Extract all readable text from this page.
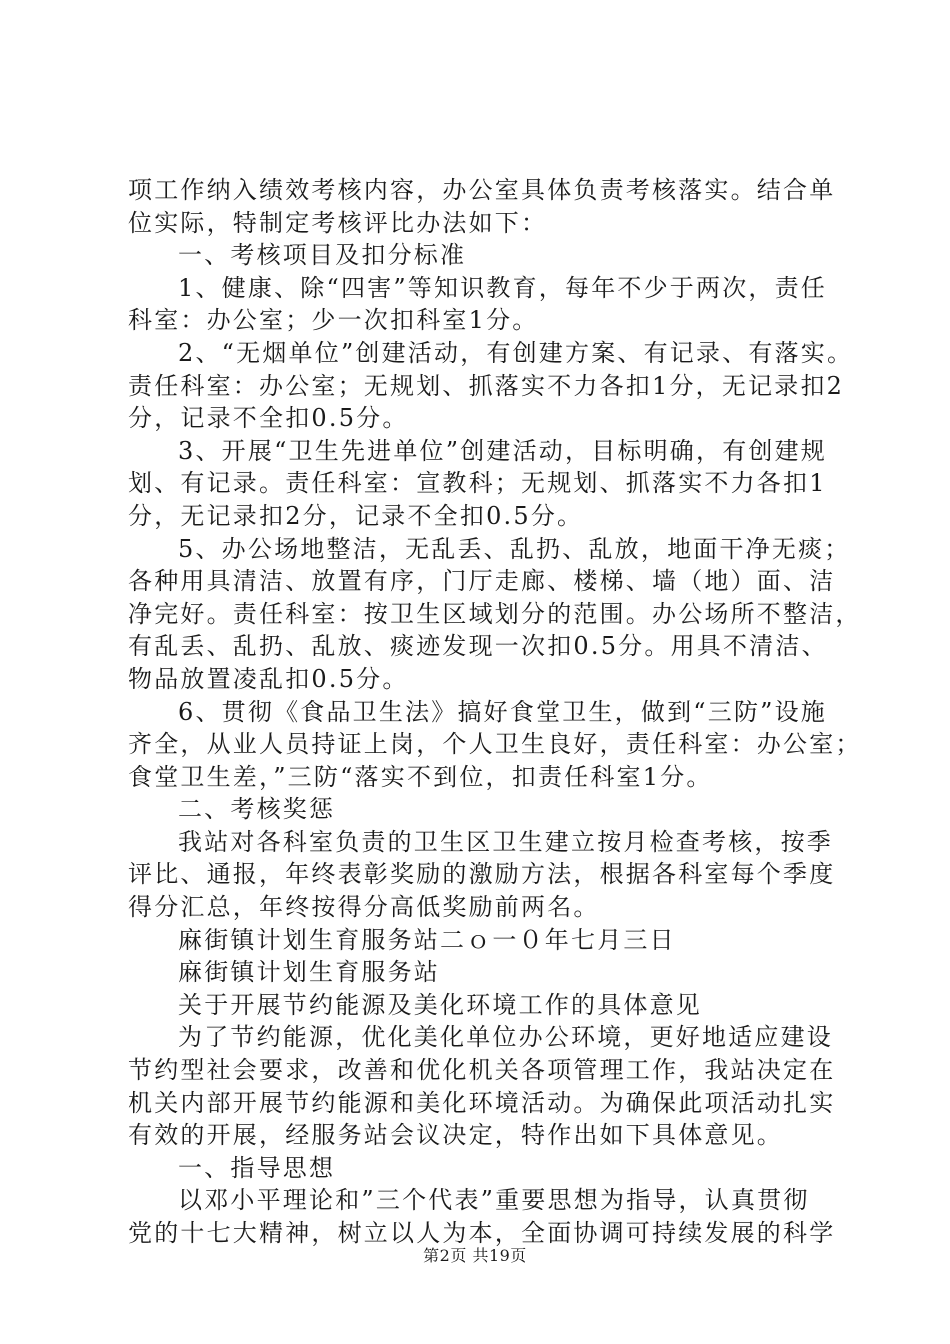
项工作纳入绩效考核内容，办公室具体负责考核落实。结合单
位实际，特制定考核评比办法如下：
一、考核项目及扣分标准
1、健康、除“四害”等知识教育，每年不少于两次，责任
科室：办公室；少一次扣科室1分。
2、“无烟单位”创建活动，有创建方案、有记录、有落实。
责任科室：办公室；无规划、抓落实不力各扣1分，无记录扣2
分，记录不全扣0.5分。
3、开展“卫生先进单位”创建活动，目标明确，有创建规
划、有记录。责任科室：宣教科；无规划、抓落实不力各扣1
分，无记录扣2分，记录不全扣0.5分。
5、办公场地整洁，无乱丢、乱扔、乱放，地面干净无痰；
各种用具清洁、放置有序，门厅走廊、楼梯、墙（地）面、洁
净完好。责任科室：按卫生区域划分的范围。办公场所不整洁，
有乱丢、乱扔、乱放、痰迹发现一次扣0.5分。用具不清洁、
物品放置凌乱扣0.5分。
6、贯彻《食品卫生法》搞好食堂卫生，做到“三防”设施
齐全，从业人员持证上岗，个人卫生良好，责任科室：办公室；
食堂卫生差，”三防“落实不到位，扣责任科室1分。
二、考核奖惩
我站对各科室负责的卫生区卫生建立按月检查考核，按季
评比、通报，年终表彰奖励的激励方法，根据各科室每个季度
得分汇总，年终按得分高低奖励前两名。
麻街镇计划生育服务站二ｏ一０年七月三日
麻街镇计划生育服务站
关于开展节约能源及美化环境工作的具体意见
为了节约能源，优化美化单位办公环境，更好地适应建设
节约型社会要求，改善和优化机关各项管理工作，我站决定在
机关内部开展节约能源和美化环境活动。为确保此项活动扎实
有效的开展，经服务站会议决定，特作出如下具体意见。
一、指导思想
以邓小平理论和”三个代表”重要思想为指导，认真贯彻
党的十七大精神，树立以人为本，全面协调可持续发展的科学
第2页 共19页
